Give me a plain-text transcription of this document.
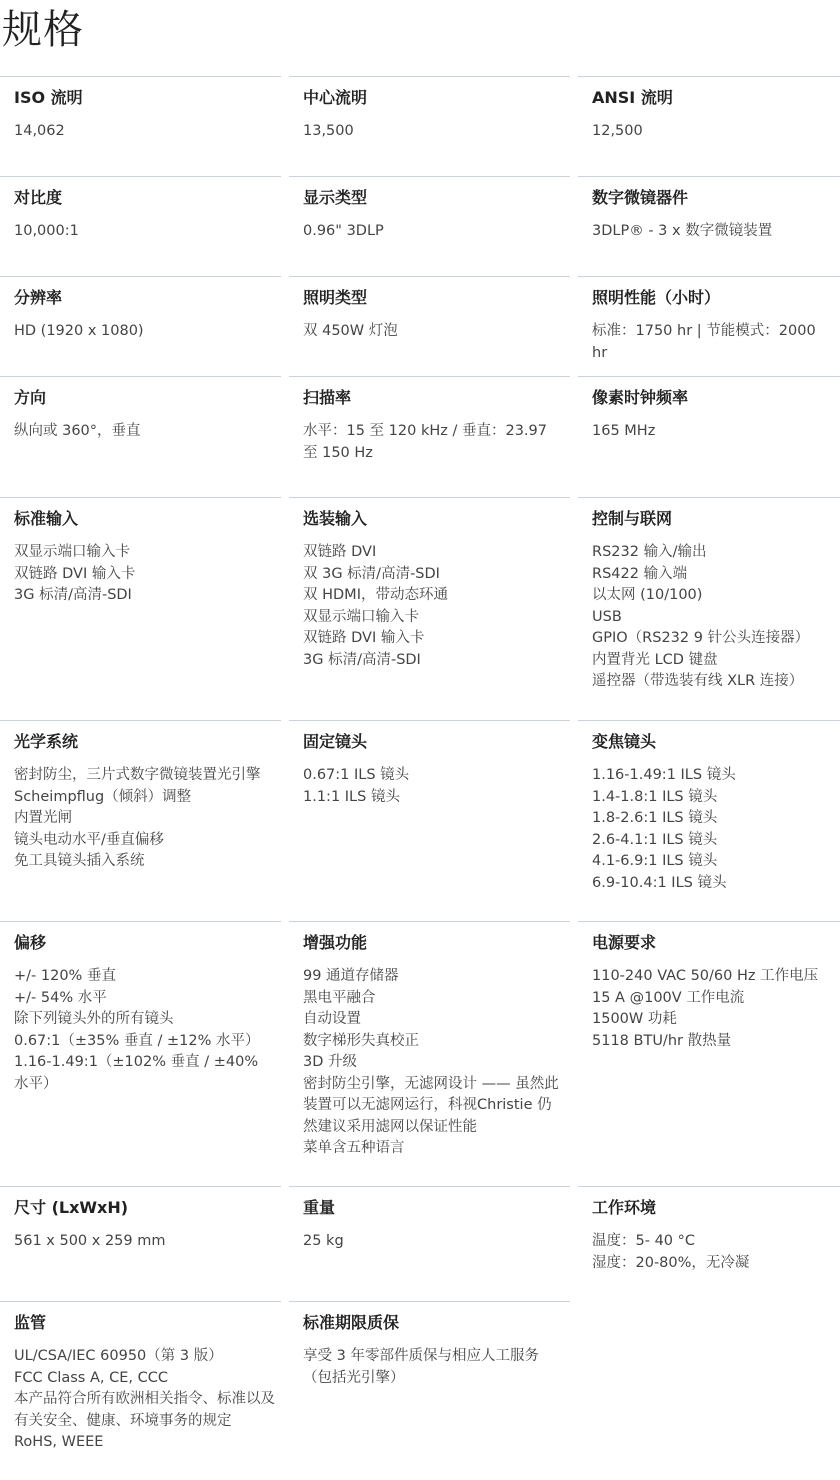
规格
ISO 流明
14,062
中心流明
13,500
ANSI 流明
12,500
对比度
10,000:1
显示类型
0.96" 3DLP
数字微镜器件
3DLP® - 3 x 数字微镜装置
分辨率
HD (1920 x 1080)
照明类型
双 450W 灯泡
照明性能（小时）
标准：1750 hr | 节能模式：2000 hr
方向
纵向或 360°，垂直
扫描率
水平：15 至 120 kHz / 垂直：23.97 至 150 Hz
像素时钟频率
165 MHz
标准输入
双显示端口输入卡
双链路 DVI 输入卡
3G 标清/高清-SDI
选装输入
双链路 DVI
双 3G 标清/高清-SDI
双 HDMI，带动态环通
双显示端口输入卡
双链路 DVI 输入卡
3G 标清/高清-SDI
控制与联网
RS232 输入/输出
RS422 输入端
以太网 (10/100)
USB
GPIO（RS232 9 针公头连接器）
内置背光 LCD 键盘
遥控器（带选装有线 XLR 连接）
光学系统
密封防尘，三片式数字微镜装置光引擎
Scheimpflug（倾斜）调整
内置光闸
镜头电动水平/垂直偏移
免工具镜头插入系统
固定镜头
0.67:1 ILS 镜头
1.1:1 ILS 镜头
变焦镜头
1.16-1.49:1 ILS 镜头
1.4-1.8:1 ILS 镜头
1.8-2.6:1 ILS 镜头
2.6-4.1:1 ILS 镜头
4.1-6.9:1 ILS 镜头
6.9-10.4:1 ILS 镜头
偏移
+/- 120% 垂直
+/- 54% 水平
除下列镜头外的所有镜头
0.67:1（±35% 垂直 / ±12% 水平）
1.16-1.49:1（±102% 垂直 / ±40% 水平）
增强功能
99 通道存储器
黑电平融合
自动设置
数字梯形失真校正
3D 升级
密封防尘引擎，无滤网设计 —— 虽然此装置可以无滤网运行，科视Christie 仍然建议采用滤网以保证性能
菜单含五种语言
电源要求
110-240 VAC 50/60 Hz 工作电压
15 A @100V 工作电流
1500W 功耗
5118 BTU/hr 散热量
尺寸 (LxWxH)
561 x 500 x 259 mm
重量
25 kg
工作环境
温度：5- 40 °C
湿度：20-80%，无冷凝
监管
UL/CSA/IEC 60950（第 3 版）
FCC Class A, CE, CCC
本产品符合所有欧洲相关指令、标准以及有关安全、健康、环境事务的规定
RoHS, WEEE
标准期限质保
享受 3 年零部件质保与相应人工服务（包括光引擎）
